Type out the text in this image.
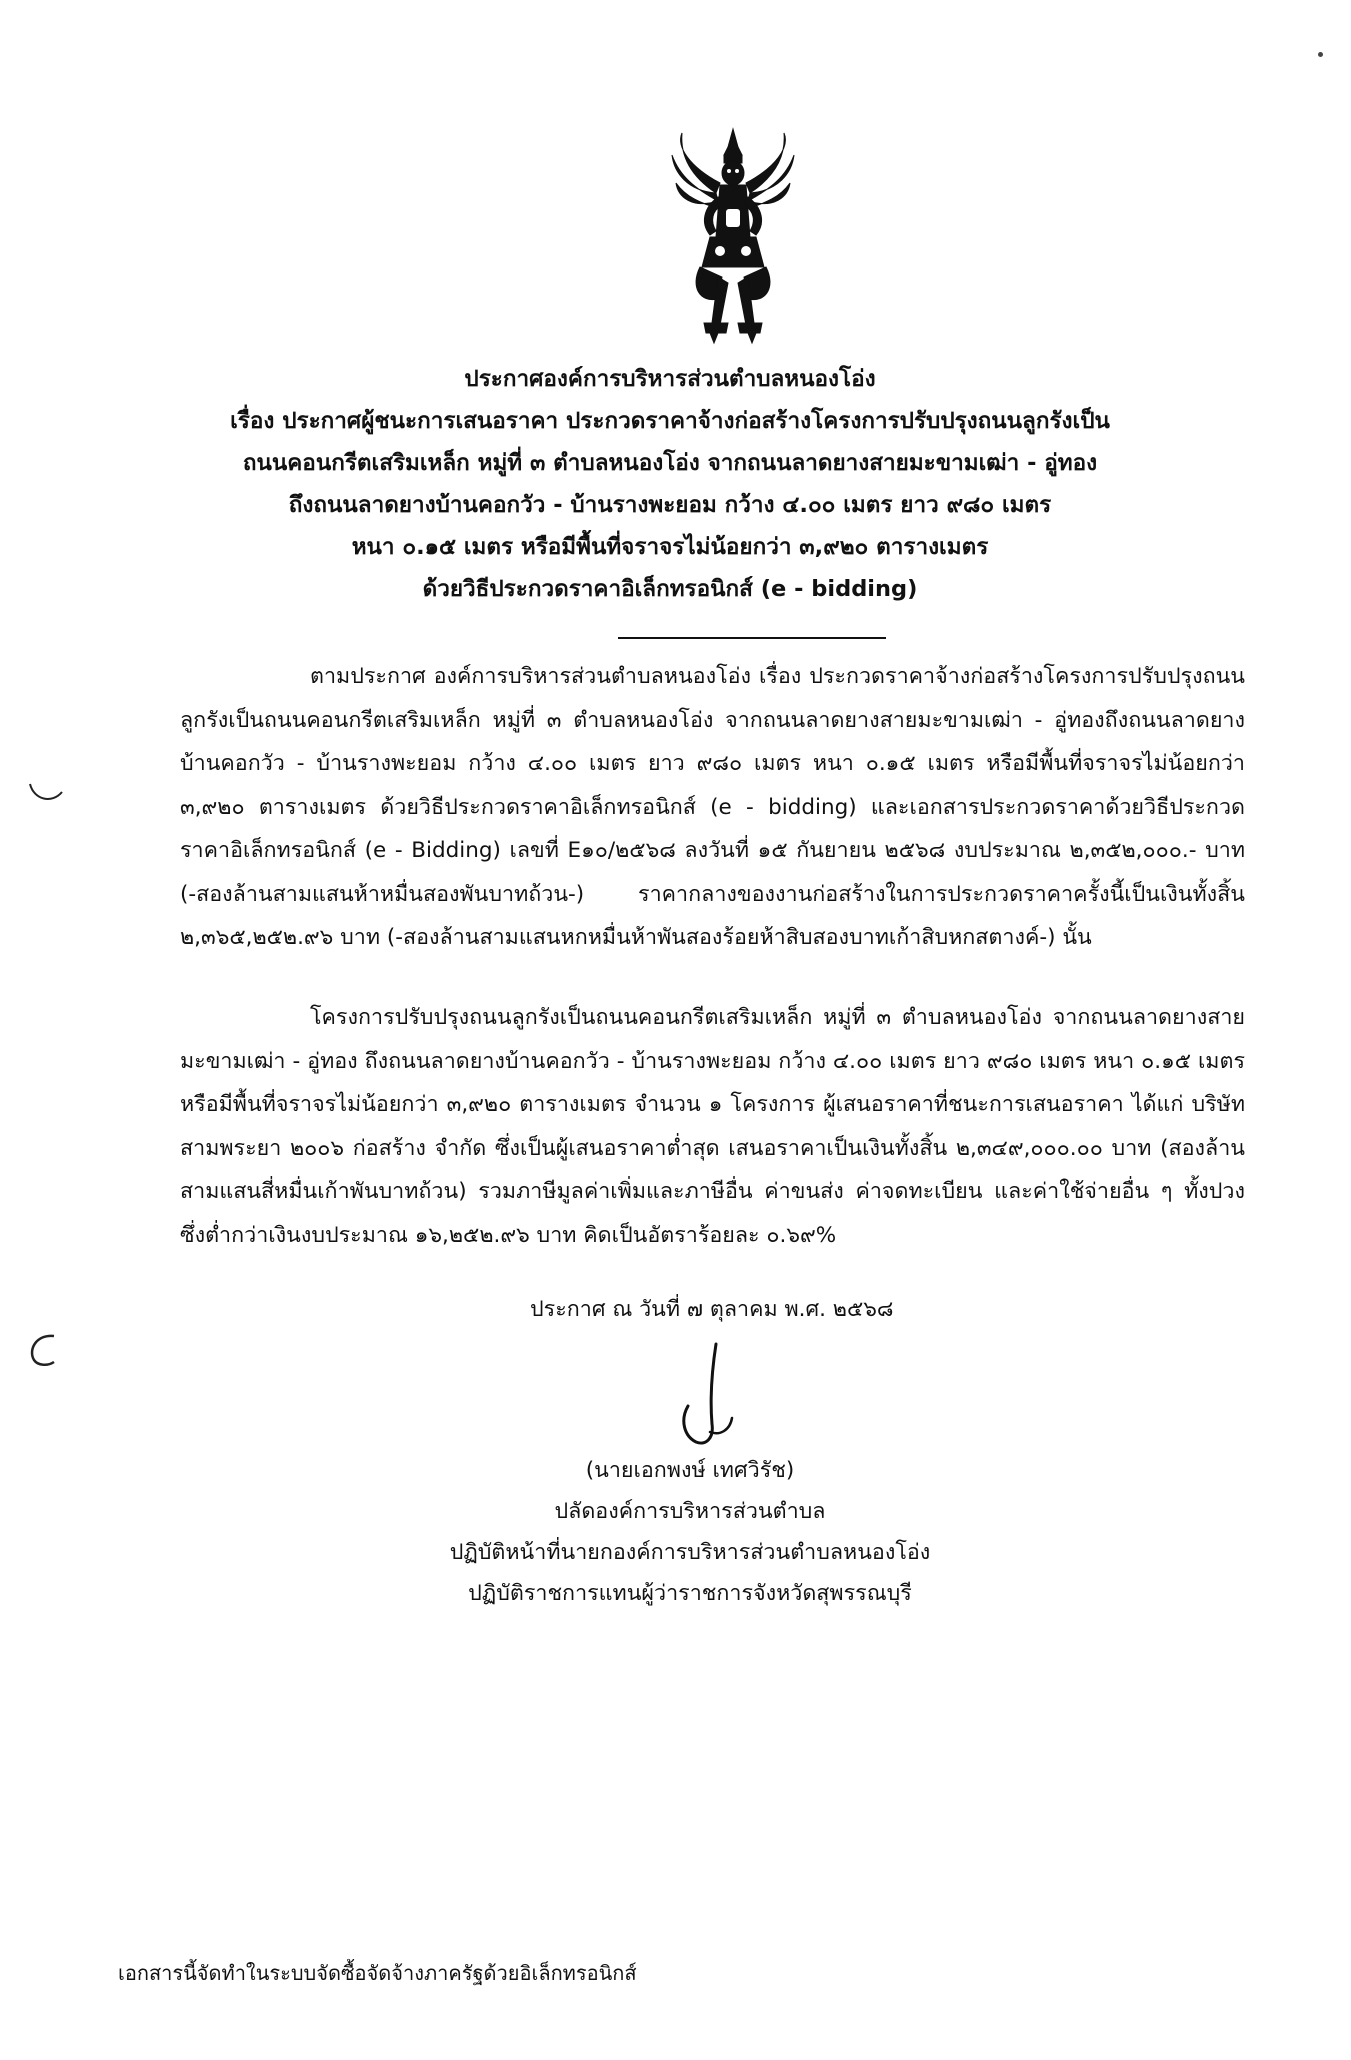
ประกาศองค์การบริหารส่วนตำบลหนองโอ่ง
เรื่อง ประกาศผู้ชนะการเสนอราคา ประกวดราคาจ้างก่อสร้างโครงการปรับปรุงถนนลูกรังเป็น
ถนนคอนกรีตเสริมเหล็ก หมู่ที่ ๓ ตำบลหนองโอ่ง จากถนนลาดยางสายมะขามเฒ่า - อู่ทอง
ถึงถนนลาดยางบ้านคอกวัว - บ้านรางพะยอม กว้าง ๔.๐๐ เมตร ยาว ๙๘๐ เมตร
หนา ๐.๑๕ เมตร หรือมีพื้นที่จราจรไม่น้อยกว่า ๓,๙๒๐ ตารางเมตร
ด้วยวิธีประกวดราคาอิเล็กทรอนิกส์ (e - bidding)
ตามประกาศ องค์การบริหารส่วนตำบลหนองโอ่ง เรื่อง ประกวดราคาจ้างก่อสร้างโครงการปรับปรุงถนนลูกรังเป็นถนนคอนกรีตเสริมเหล็ก หมู่ที่ ๓ ตำบลหนองโอ่ง จากถนนลาดยางสายมะขามเฒ่า - อู่ทองถึงถนนลาดยางบ้านคอกวัว - บ้านรางพะยอม กว้าง ๔.๐๐ เมตร ยาว ๙๘๐ เมตร หนา ๐.๑๕ เมตร หรือมีพื้นที่จราจรไม่น้อยกว่า ๓,๙๒๐ ตารางเมตร ด้วยวิธีประกวดราคาอิเล็กทรอนิกส์ (e - bidding) และเอกสารประกวดราคาด้วยวิธีประกวดราคาอิเล็กทรอนิกส์ (e - Bidding) เลขที่ E๑๐/๒๕๖๘ ลงวันที่ ๑๕ กันยายน ๒๕๖๘ งบประมาณ ๒,๓๕๒,๐๐๐.- บาท (-สองล้านสามแสนห้าหมื่นสองพันบาทถ้วน-) ราคากลางของงานก่อสร้างในการประกวดราคาครั้งนี้เป็นเงินทั้งสิ้น ๒,๓๖๕,๒๕๒.๙๖ บาท (-สองล้านสามแสนหกหมื่นห้าพันสองร้อยห้าสิบสองบาทเก้าสิบหกสตางค์-) นั้น
โครงการปรับปรุงถนนลูกรังเป็นถนนคอนกรีตเสริมเหล็ก หมู่ที่ ๓ ตำบลหนองโอ่ง จากถนนลาดยางสายมะขามเฒ่า - อู่ทอง ถึงถนนลาดยางบ้านคอกวัว - บ้านรางพะยอม กว้าง ๔.๐๐ เมตร ยาว ๙๘๐ เมตร หนา ๐.๑๕ เมตร หรือมีพื้นที่จราจรไม่น้อยกว่า ๓,๙๒๐ ตารางเมตร จำนวน ๑ โครงการ ผู้เสนอราคาที่ชนะการเสนอราคา ได้แก่ บริษัท สามพระยา ๒๐๐๖ ก่อสร้าง จำกัด ซึ่งเป็นผู้เสนอราคาต่ำสุด เสนอราคาเป็นเงินทั้งสิ้น ๒,๓๔๙,๐๐๐.๐๐ บาท (สองล้านสามแสนสี่หมื่นเก้าพันบาทถ้วน) รวมภาษีมูลค่าเพิ่มและภาษีอื่น ค่าขนส่ง ค่าจดทะเบียน และค่าใช้จ่ายอื่น ๆ ทั้งปวง ซึ่งต่ำกว่าเงินงบประมาณ ๑๖,๒๕๒.๙๖ บาท คิดเป็นอัตราร้อยละ ๐.๖๙%
ประกาศ ณ วันที่ ๗ ตุลาคม พ.ศ. ๒๕๖๘
(นายเอกพงษ์ เทศวิรัช)
ปลัดองค์การบริหารส่วนตำบล
ปฏิบัติหน้าที่นายกองค์การบริหารส่วนตำบลหนองโอ่ง
ปฏิบัติราชการแทนผู้ว่าราชการจังหวัดสุพรรณบุรี
เอกสารนี้จัดทำในระบบจัดซื้อจัดจ้างภาครัฐด้วยอิเล็กทรอนิกส์
